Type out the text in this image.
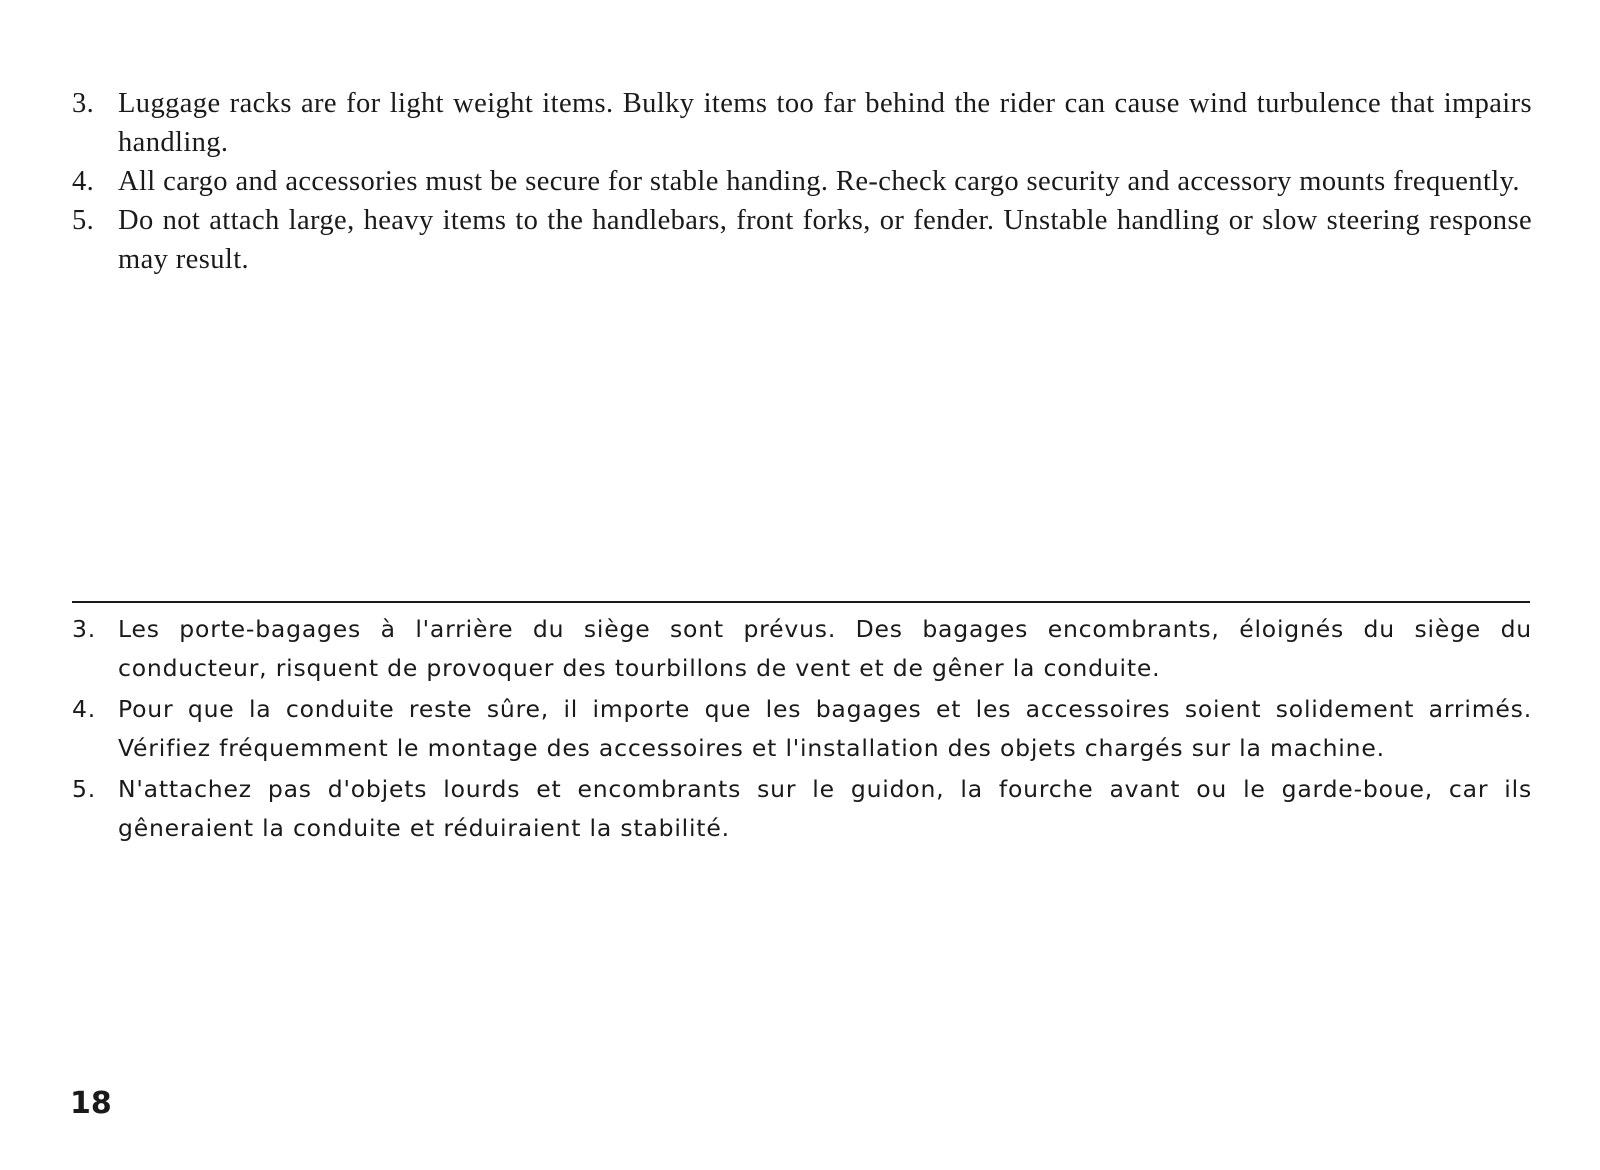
3. Luggage racks are for light weight items. Bulky items too far behind the rider can cause wind turbulence that impairs handling.
4. All cargo and accessories must be secure for stable handing. Re-check cargo security and accessory mounts frequently.
5. Do not attach large, heavy items to the handlebars, front forks, or fender. Unstable handling or slow steering response may result.
3. Les porte-bagages à l'arrière du siège sont prévus. Des bagages encombrants, éloignés du siège du conducteur, risquent de provoquer des tourbillons de vent et de gêner la conduite.
4. Pour que la conduite reste sûre, il importe que les bagages et les accessoires soient solidement arrimés. Vérifiez fréquemment le montage des accessoires et l'installation des objets chargés sur la machine.
5. N'attachez pas d'objets lourds et encombrants sur le guidon, la fourche avant ou le garde-boue, car ils gêneraient la conduite et réduiraient la stabilité.
18
